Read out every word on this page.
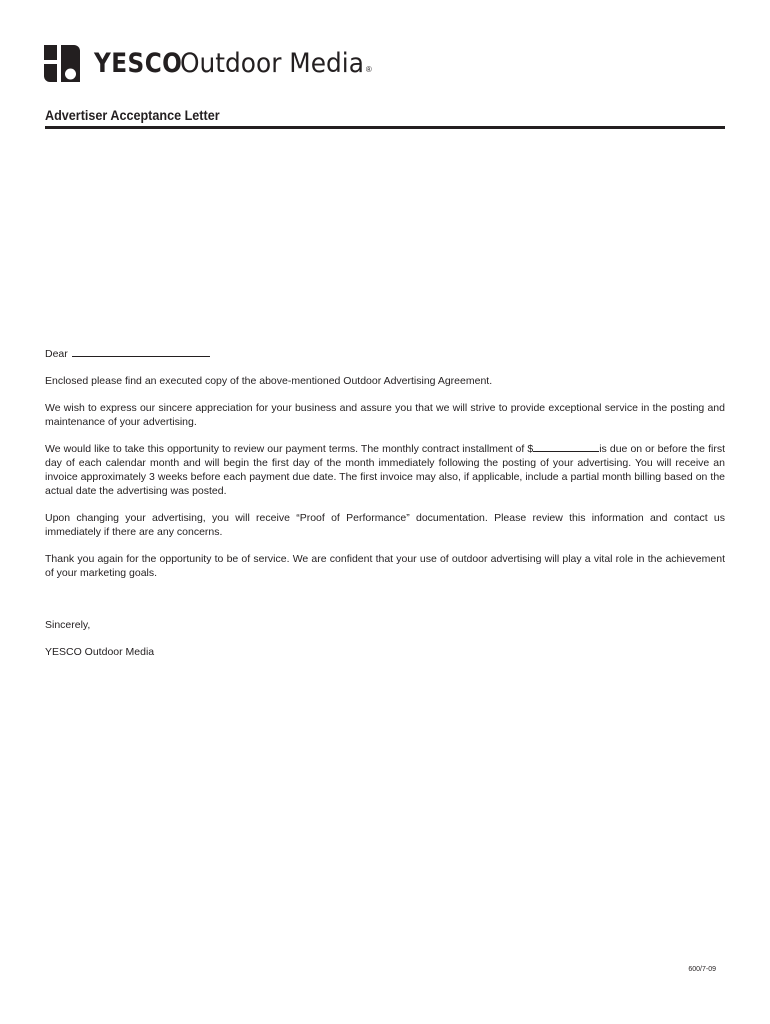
YESCO
Outdoor Media ®
Advertiser Acceptance Letter
Dear

Enclosed please find an executed copy of the above-mentioned Outdoor Advertising Agreement.

We wish to express our sincere appreciation for your business and assure you that we will strive to provide exceptional service in the posting and maintenance of your advertising.

We would like to take this opportunity to review our payment terms. The monthly contract installment of $	is due on or before the first day of each calendar month and will begin the first day of the month immediately following the posting of your advertising. You will receive an invoice approximately 3 weeks before each payment due date. The first invoice may also, if applicable, include a partial month billing based on the actual date the advertising was posted.

Upon changing your advertising, you will receive “Proof of Performance” documentation. Please review this information and contact us immediately if there are any concerns.

Thank you again for the opportunity to be of service. We are confident that your use of outdoor advertising will play a vital role in the achievement of your marketing goals.

Sincerely,
YESCO Outdoor Media
600/7-09
